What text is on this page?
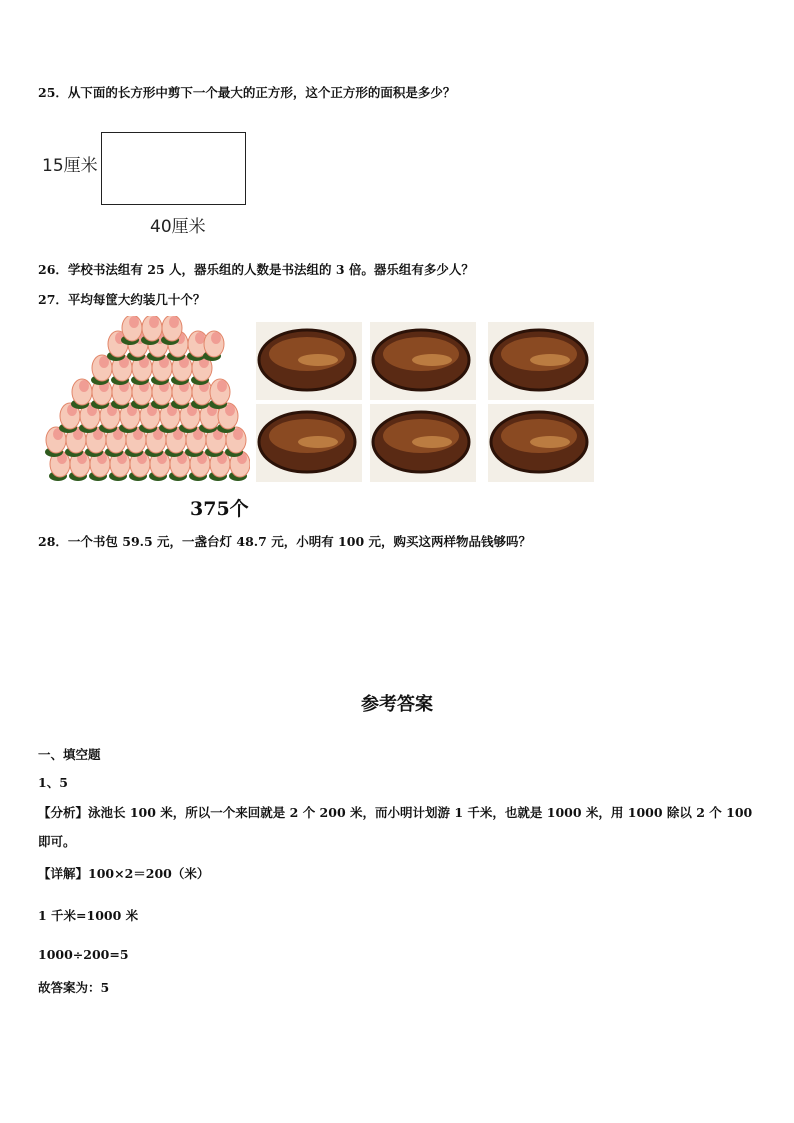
25．从下面的长方形中剪下一个最大的正方形，这个正方形的面积是多少？
15厘米
40厘米
26．学校书法组有 25 人，器乐组的人数是书法组的 3 倍。器乐组有多少人？
27．平均每筐大约装几十个？
375个
28．一个书包 59.5 元，一盏台灯 48.7 元，小明有 100 元，购买这两样物品钱够吗？
参考答案
一、填空题
1、5
【分析】泳池长 100 米，所以一个来回就是 2 个 200 米，而小明计划游 1 千米，也就是 1000 米，用 1000 除以 2 个 100
即可。
【详解】100×2＝200（米）
1 千米=1000 米
1000÷200=5
故答案为：5
